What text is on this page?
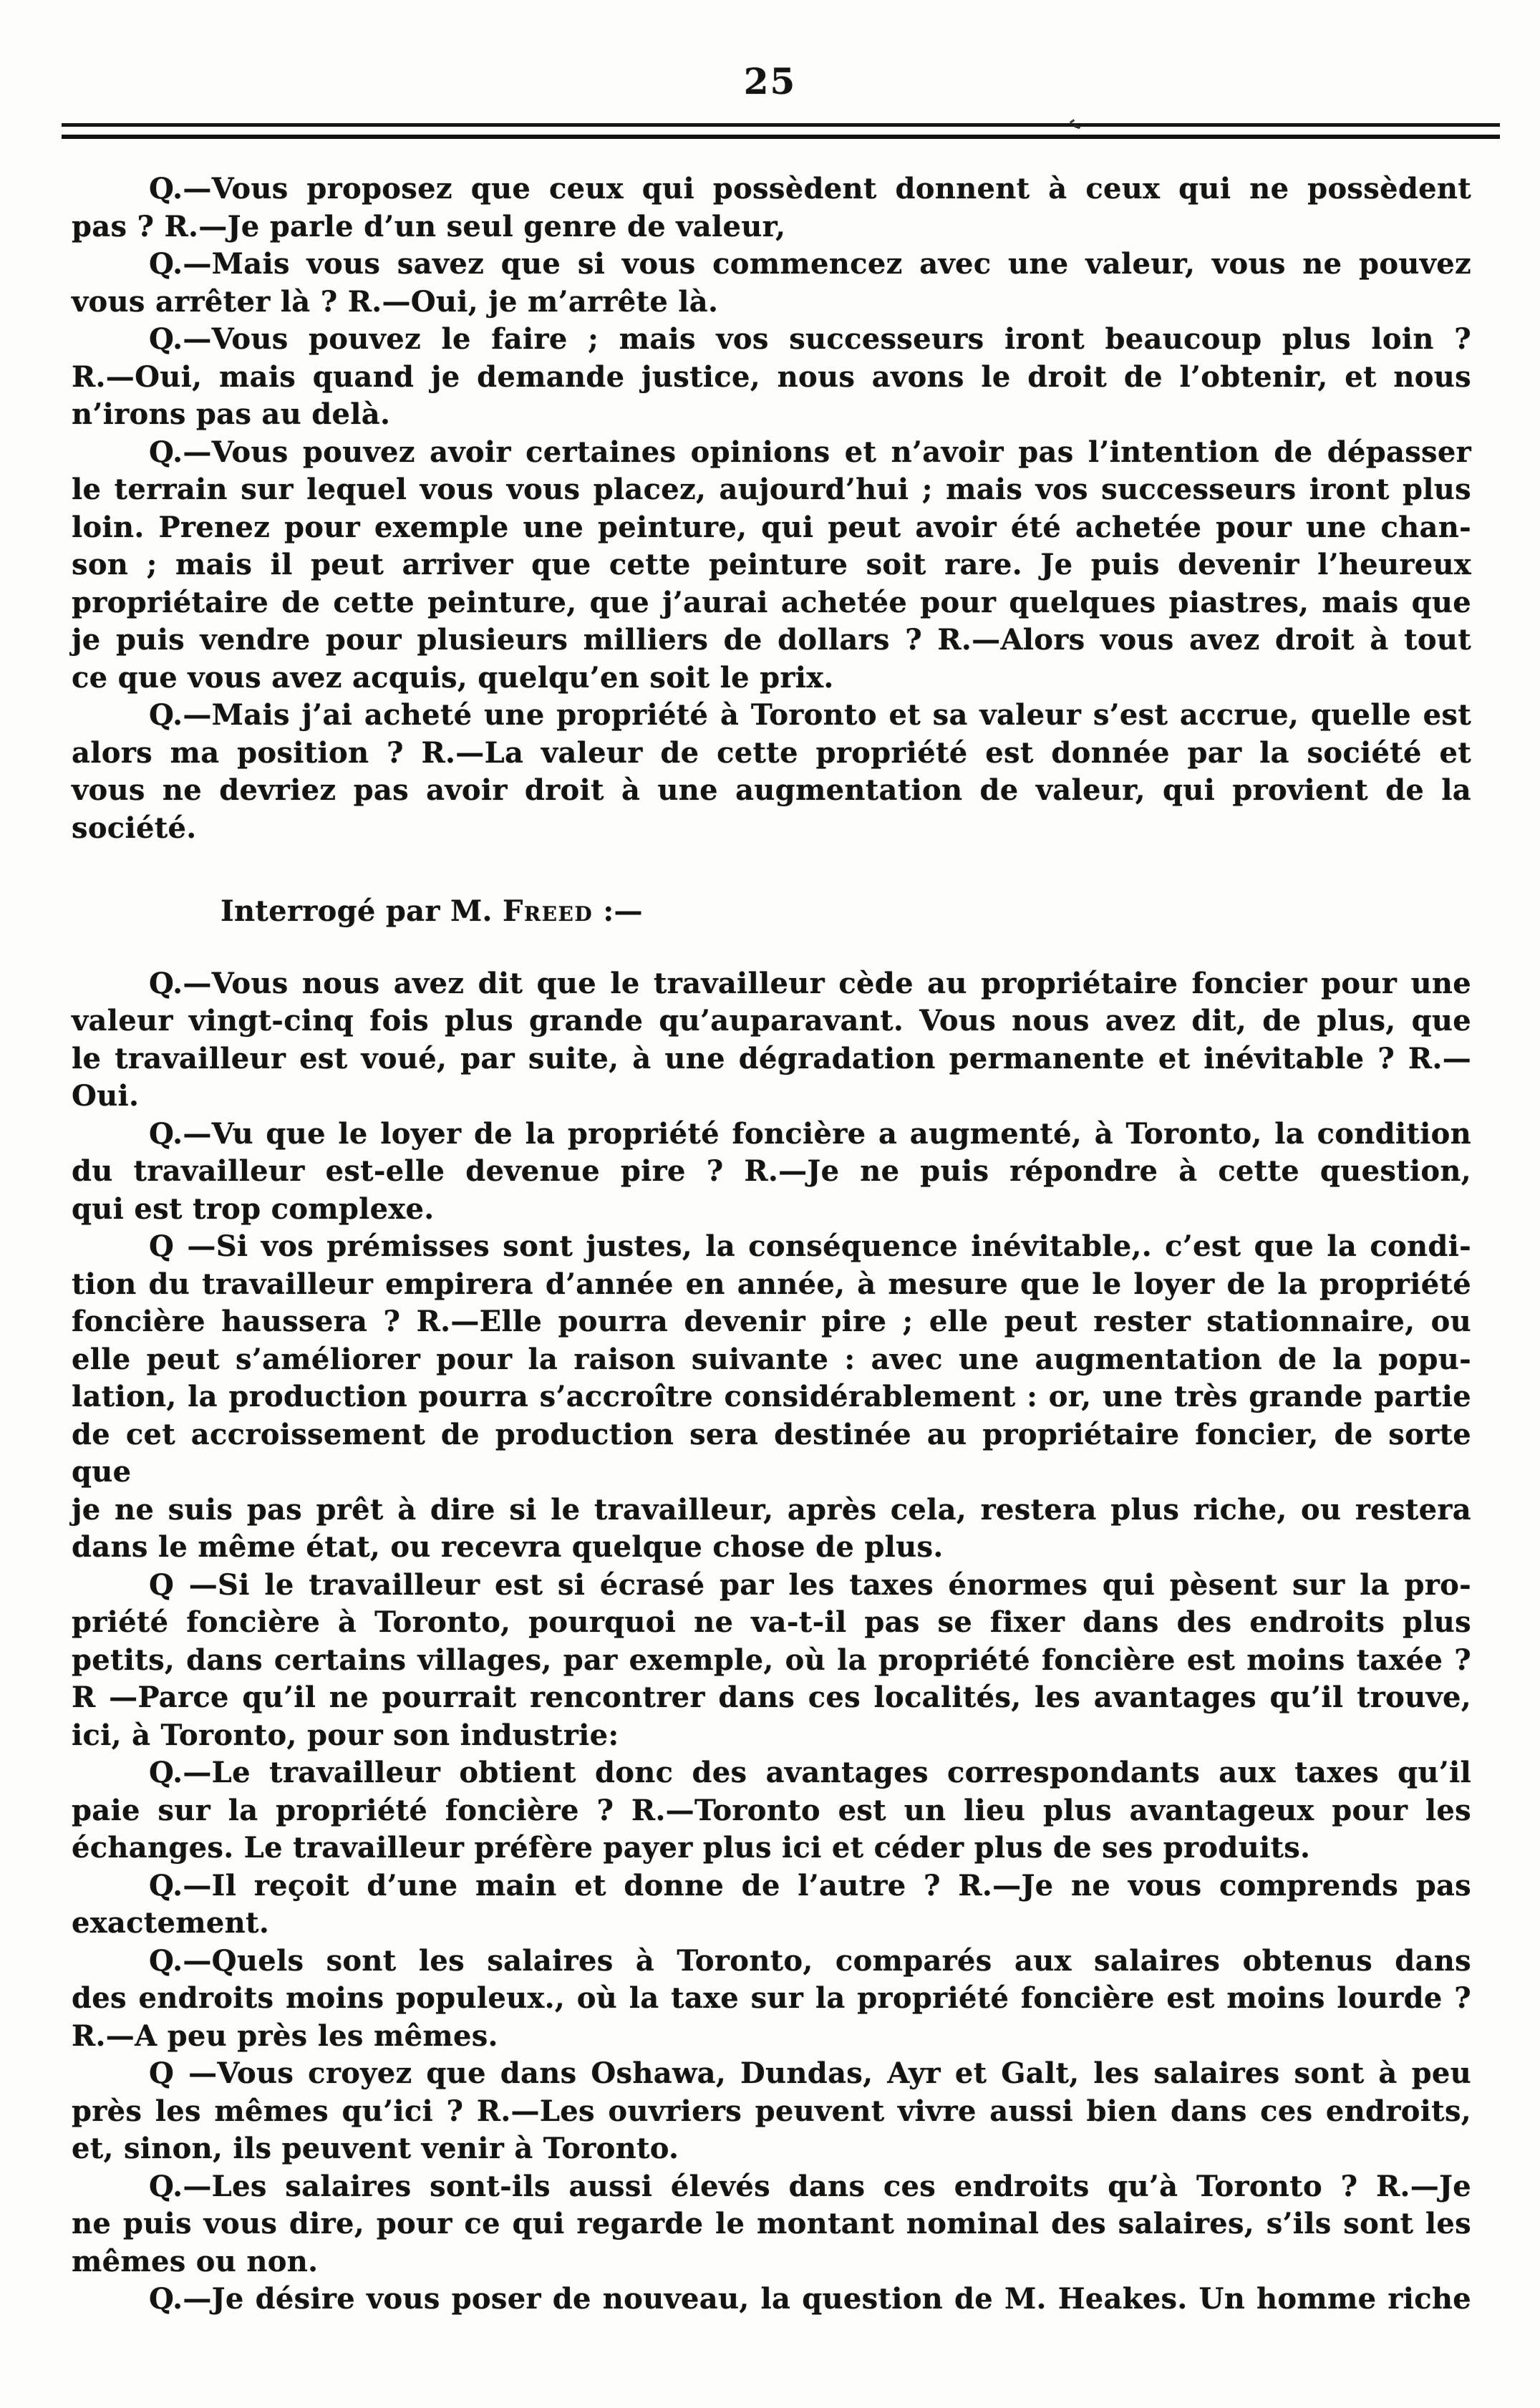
25
Q.—Vous proposez que ceux qui possèdent donnent à ceux qui ne possèdent
pas ? R.—Je parle d’un seul genre de valeur,
Q.—Mais vous savez que si vous commencez avec une valeur, vous ne pouvez
vous arrêter là ? R.—Oui, je m’arrête là.
Q.—Vous pouvez le faire ; mais vos successeurs iront beaucoup plus loin ?
R.—Oui, mais quand je demande justice, nous avons le droit de l’obtenir, et nous
n’irons pas au delà.
Q.—Vous pouvez avoir certaines opinions et n’avoir pas l’intention de dépasser
le terrain sur lequel vous vous placez, aujourd’hui ; mais vos successeurs iront plus
loin. Prenez pour exemple une peinture, qui peut avoir été achetée pour une chan-
son ; mais il peut arriver que cette peinture soit rare. Je puis devenir l’heureux
propriétaire de cette peinture, que j’aurai achetée pour quelques piastres, mais que
je puis vendre pour plusieurs milliers de dollars ? R.—Alors vous avez droit à tout
ce que vous avez acquis, quelqu’en soit le prix.
Q.—Mais j’ai acheté une propriété à Toronto et sa valeur s’est accrue, quelle est
alors ma position ? R.—La valeur de cette propriété est donnée par la société et
vous ne devriez pas avoir droit à une augmentation de valeur, qui provient de la
société.
Interrogé par M. Freed :—
Q.—Vous nous avez dit que le travailleur cède au propriétaire foncier pour une
valeur vingt-cinq fois plus grande qu’auparavant. Vous nous avez dit, de plus, que
le travailleur est voué, par suite, à une dégradation permanente et inévitable ? R.—
Oui.
Q.—Vu que le loyer de la propriété foncière a augmenté, à Toronto, la condition
du travailleur est-elle devenue pire ? R.—Je ne puis répondre à cette question,
qui est trop complexe.
Q —Si vos prémisses sont justes, la conséquence inévitable,. c’est que la condi-
tion du travailleur empirera d’année en année, à mesure que le loyer de la propriété
foncière haussera ? R.—Elle pourra devenir pire ; elle peut rester stationnaire, ou
elle peut s’améliorer pour la raison suivante : avec une augmentation de la popu-
lation, la production pourra s’accroître considérablement : or, une très grande partie
de cet accroissement de production sera destinée au propriétaire foncier, de sorte que
je ne suis pas prêt à dire si le travailleur, après cela, restera plus riche, ou restera
dans le même état, ou recevra quelque chose de plus.
Q —Si le travailleur est si écrasé par les taxes énormes qui pèsent sur la pro-
priété foncière à Toronto, pourquoi ne va-t-il pas se fixer dans des endroits plus
petits, dans certains villages, par exemple, où la propriété foncière est moins taxée ?
R —Parce qu’il ne pourrait rencontrer dans ces localités, les avantages qu’il trouve,
ici, à Toronto, pour son industrie:
Q.—Le travailleur obtient donc des avantages correspondants aux taxes qu’il
paie sur la propriété foncière ? R.—Toronto est un lieu plus avantageux pour les
échanges. Le travailleur préfère payer plus ici et céder plus de ses produits.
Q.—Il reçoit d’une main et donne de l’autre ? R.—Je ne vous comprends pas
exactement.
Q.—Quels sont les salaires à Toronto, comparés aux salaires obtenus dans
des endroits moins populeux., où la taxe sur la propriété foncière est moins lourde ?
R.—A peu près les mêmes.
Q —Vous croyez que dans Oshawa, Dundas, Ayr et Galt, les salaires sont à peu
près les mêmes qu’ici ? R.—Les ouvriers peuvent vivre aussi bien dans ces endroits,
et, sinon, ils peuvent venir à Toronto.
Q.—Les salaires sont-ils aussi élevés dans ces endroits qu’à Toronto ? R.—Je
ne puis vous dire, pour ce qui regarde le montant nominal des salaires, s’ils sont les
mêmes ou non.
Q.—Je désire vous poser de nouveau, la question de M. Heakes. Un homme riche
